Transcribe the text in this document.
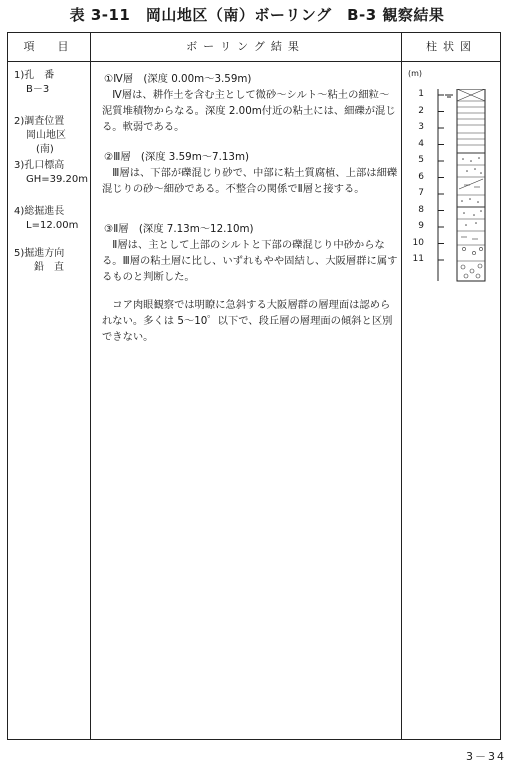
表 3-11　岡山地区（南）ボーリング　B-3 観察結果
項　目	ボーリング結果	柱状図
1)孔　番
B－3
2)調査位置
岡山地区
(南)
3)孔口標高
GH=39.20m
4)総掘進長
L=12.00m
5)掘進方向
鉛　直

①Ⅳ層　(深度 0.00m～3.59m)

Ⅳ層は、耕作土を含む主として微砂～シルト～粘土の細粒～泥質堆積物からなる。深度 2.00m付近の粘土には、細礫が混じる。軟弱である。

②Ⅲ層　(深度 3.59m～7.13m)

Ⅲ層は、下部が礫混じり砂で、中部に粘土質腐植、上部は細礫混じりの砂～細砂である。不整合の関係でⅡ層と接する。

③Ⅱ層　(深度 7.13m～12.10m)

Ⅱ層は、主として上部のシルトと下部の礫混じり中砂からなる。Ⅲ層の粘土層に比し、いずれもやや固結し、大阪層群に属するものと判断した。

コア肉眼観察では明瞭に急斜する大阪層群の層理面は認められない。多くは 5～10゜以下で、段丘層の層理面の傾斜と区別できない。

(m)
1
2
3
4
5
6
7
8
9
10
11
3－34
